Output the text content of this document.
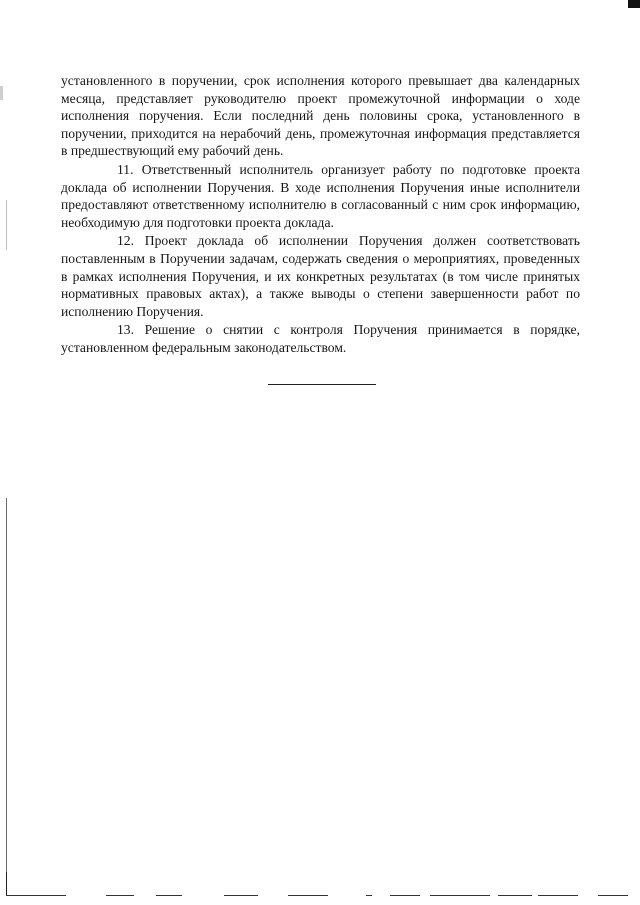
установленного в поручении, срок исполнения которого превышает два календарных месяца, представляет руководителю проект промежуточной информации о ходе исполнения поручения. Если последний день половины срока, установленного в поручении, приходится на нерабочий день, промежуточная информация представляется в предшествующий ему рабочий день.

11. Ответственный исполнитель организует работу по подготовке проекта доклада об исполнении Поручения. В ходе исполнения Поручения иные исполнители предоставляют ответственному исполнителю в согласованный с ним срок информацию, необходимую для подготовки проекта доклада.

12. Проект доклада об исполнении Поручения должен соответствовать поставленным в Поручении задачам, содержать сведения о мероприятиях, проведенных в рамках исполнения Поручения, и их конкретных результатах (в том числе принятых нормативных правовых актах), а также выводы о степени завершенности работ по исполнению Поручения.

13. Решение о снятии с контроля Поручения принимается в порядке, установленном федеральным законодательством.
